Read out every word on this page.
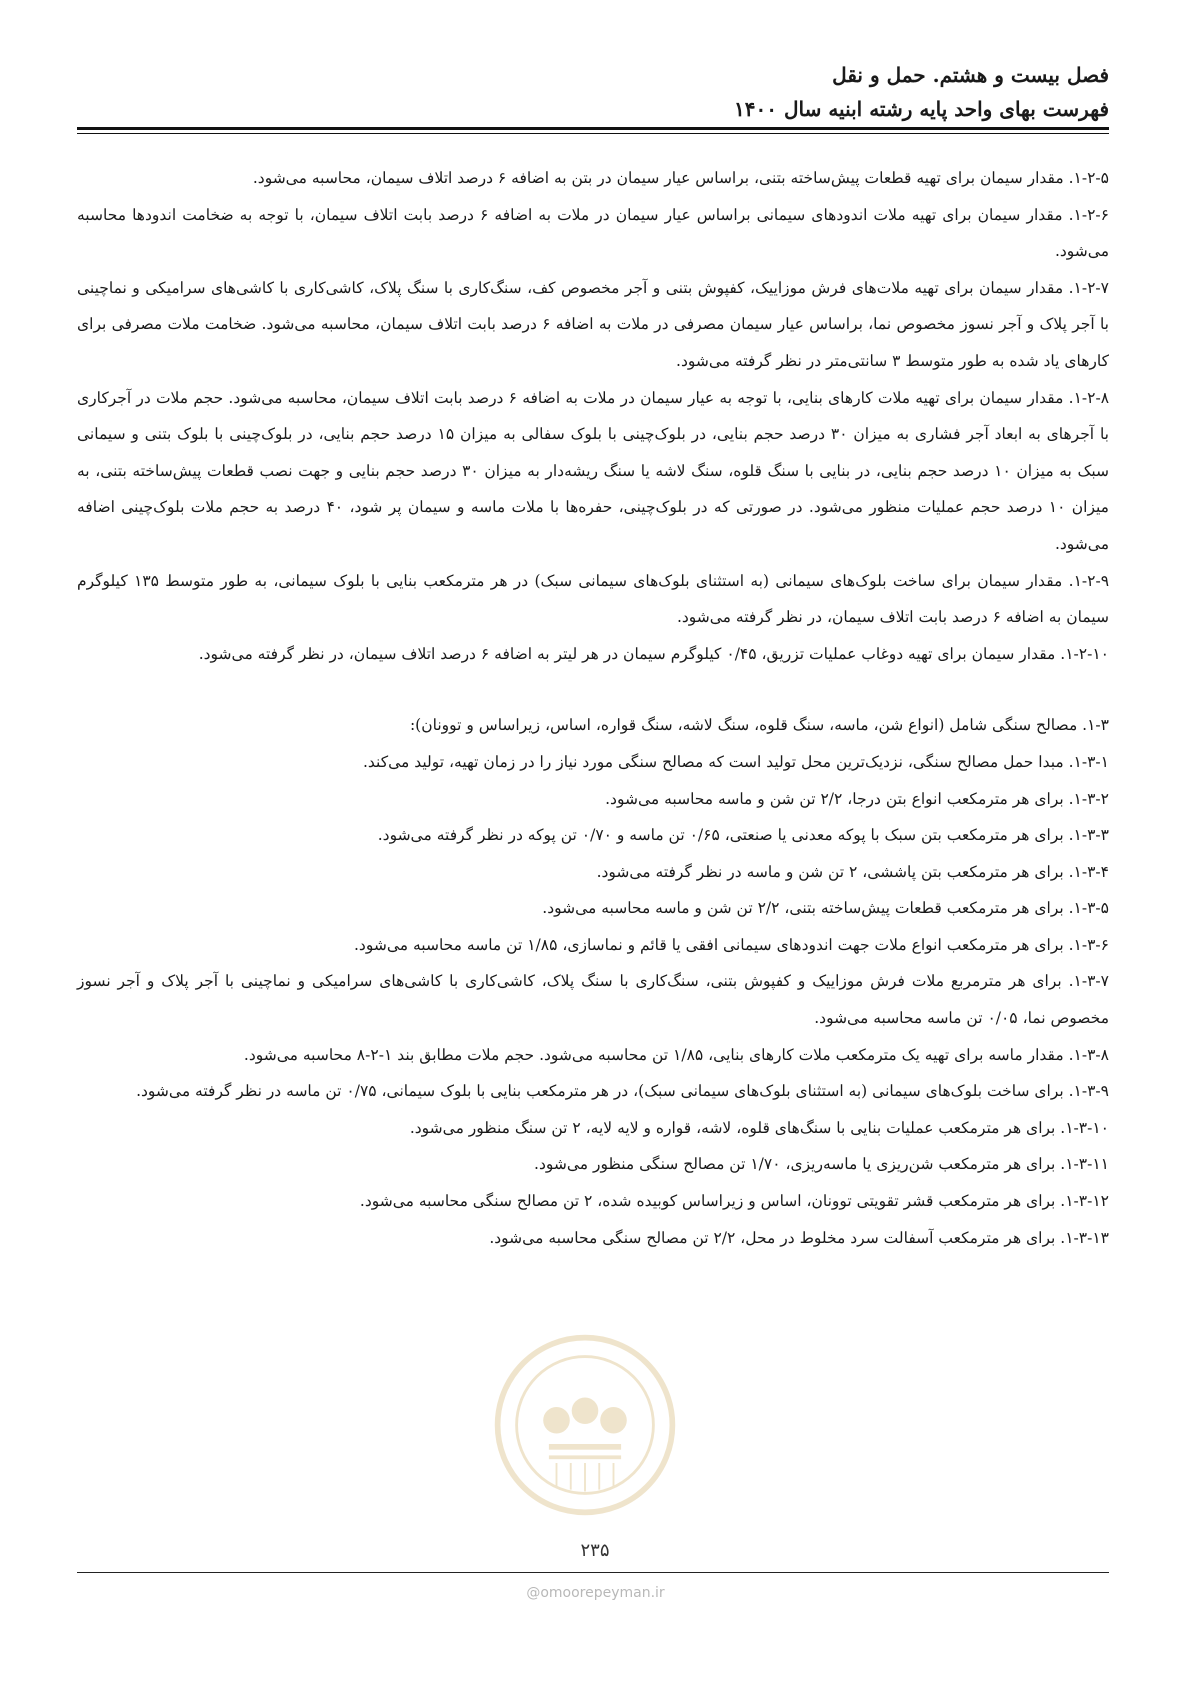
فصل بیست و هشتم. حمل و نقل
فهرست بهای واحد پایه رشته ابنیه سال ۱۴۰۰

۱-۲-۵. مقدار سیمان برای تهیه قطعات پیش‌ساخته بتنی، براساس عیار سیمان در بتن به اضافه ۶ درصد اتلاف سیمان، محاسبه می‌شود.

۱-۲-۶. مقدار سیمان برای تهیه ملات اندودهای سیمانی براساس عیار سیمان در ملات به اضافه ۶ درصد بابت اتلاف سیمان، با توجه به ضخامت اندودها محاسبه می‌شود.

۱-۲-۷. مقدار سیمان برای تهیه ملات‌های فرش موزاییک، کفپوش بتنی و آجر مخصوص کف، سنگ‌کاری با سنگ پلاک، کاشی‌کاری با کاشی‌های سرامیکی و نماچینی با آجر پلاک و آجر نسوز مخصوص نما، براساس عیار سیمان مصرفی در ملات به اضافه ۶ درصد بابت اتلاف سیمان، محاسبه می‌شود. ضخامت ملات مصرفی برای کارهای یاد شده به طور متوسط ۳ سانتی‌متر در نظر گرفته می‌شود.

۱-۲-۸. مقدار سیمان برای تهیه ملات کارهای بنایی، با توجه به عیار سیمان در ملات به اضافه ۶ درصد بابت اتلاف سیمان، محاسبه می‌شود. حجم ملات در آجرکاری با آجرهای به ابعاد آجر فشاری به میزان ۳۰ درصد حجم بنایی، در بلوک‌چینی با بلوک سفالی به میزان ۱۵ درصد حجم بنایی، در بلوک‌چینی با بلوک بتنی و سیمانی سبک به میزان ۱۰ درصد حجم بنایی، در بنایی با سنگ قلوه، سنگ لاشه یا سنگ ریشه‌دار به میزان ۳۰ درصد حجم بنایی و جهت نصب قطعات پیش‌ساخته بتنی، به میزان ۱۰ درصد حجم عملیات منظور می‌شود. در صورتی که در بلوک‌چینی، حفره‌ها با ملات ماسه و سیمان پر شود، ۴۰ درصد به حجم ملات بلوک‌چینی اضافه می‌شود.

۱-۲-۹. مقدار سیمان برای ساخت بلوک‌های سیمانی (به استثنای بلوک‌های سیمانی سبک) در هر مترمکعب بنایی با بلوک سیمانی، به طور متوسط ۱۳۵ کیلوگرم سیمان به اضافه ۶ درصد بابت اتلاف سیمان، در نظر گرفته می‌شود.

۱-۲-۱۰. مقدار سیمان برای تهیه دوغاب عملیات تزریق، ۰/۴۵ کیلوگرم سیمان در هر لیتر به اضافه ۶ درصد اتلاف سیمان، در نظر گرفته می‌شود.

۱-۳. مصالح سنگی شامل (انواع شن، ماسه، سنگ قلوه، سنگ لاشه، سنگ قواره، اساس، زیراساس و توونان):

۱-۳-۱. مبدا حمل مصالح سنگی، نزدیک‌ترین محل تولید است که مصالح سنگی مورد نیاز را در زمان تهیه، تولید می‌کند.

۱-۳-۲. برای هر مترمکعب انواع بتن درجا، ۲/۲ تن شن و ماسه محاسبه می‌شود.

۱-۳-۳. برای هر مترمکعب بتن سبک با پوکه معدنی یا صنعتی، ۰/۶۵ تن ماسه و ۰/۷۰ تن پوکه در نظر گرفته می‌شود.

۱-۳-۴. برای هر مترمکعب بتن پاششی، ۲ تن شن و ماسه در نظر گرفته می‌شود.

۱-۳-۵. برای هر مترمکعب قطعات پیش‌ساخته بتنی، ۲/۲ تن شن و ماسه محاسبه می‌شود.

۱-۳-۶. برای هر مترمکعب انواع ملات جهت اندودهای سیمانی افقی یا قائم و نماسازی، ۱/۸۵ تن ماسه محاسبه می‌شود.

۱-۳-۷. برای هر مترمربع ملات فرش موزاییک و کفپوش بتنی، سنگ‌کاری با سنگ پلاک، کاشی‌کاری با کاشی‌های سرامیکی و نماچینی با آجر پلاک و آجر نسوز مخصوص نما، ۰/۰۵ تن ماسه محاسبه می‌شود.

۱-۳-۸. مقدار ماسه برای تهیه یک مترمکعب ملات کارهای بنایی، ۱/۸۵ تن محاسبه می‌شود. حجم ملات مطابق بند ۱-۲-۸ محاسبه می‌شود.

۱-۳-۹. برای ساخت بلوک‌های سیمانی (به استثنای بلوک‌های سیمانی سبک)، در هر مترمکعب بنایی با بلوک سیمانی، ۰/۷۵ تن ماسه در نظر گرفته می‌شود.

۱-۳-۱۰. برای هر مترمکعب عملیات بنایی با سنگ‌های قلوه، لاشه، قواره و لایه لایه، ۲ تن سنگ منظور می‌شود.

۱-۳-۱۱. برای هر مترمکعب شن‌ریزی یا ماسه‌ریزی، ۱/۷۰ تن مصالح سنگی منظور می‌شود.

۱-۳-۱۲. برای هر مترمکعب قشر تقویتی توونان، اساس و زیراساس کوبیده شده، ۲ تن مصالح سنگی محاسبه می‌شود.

۱-۳-۱۳. برای هر مترمکعب آسفالت سرد مخلوط در محل، ۲/۲ تن مصالح سنگی محاسبه می‌شود.

۲۳۵
@omoorepeyman.ir
